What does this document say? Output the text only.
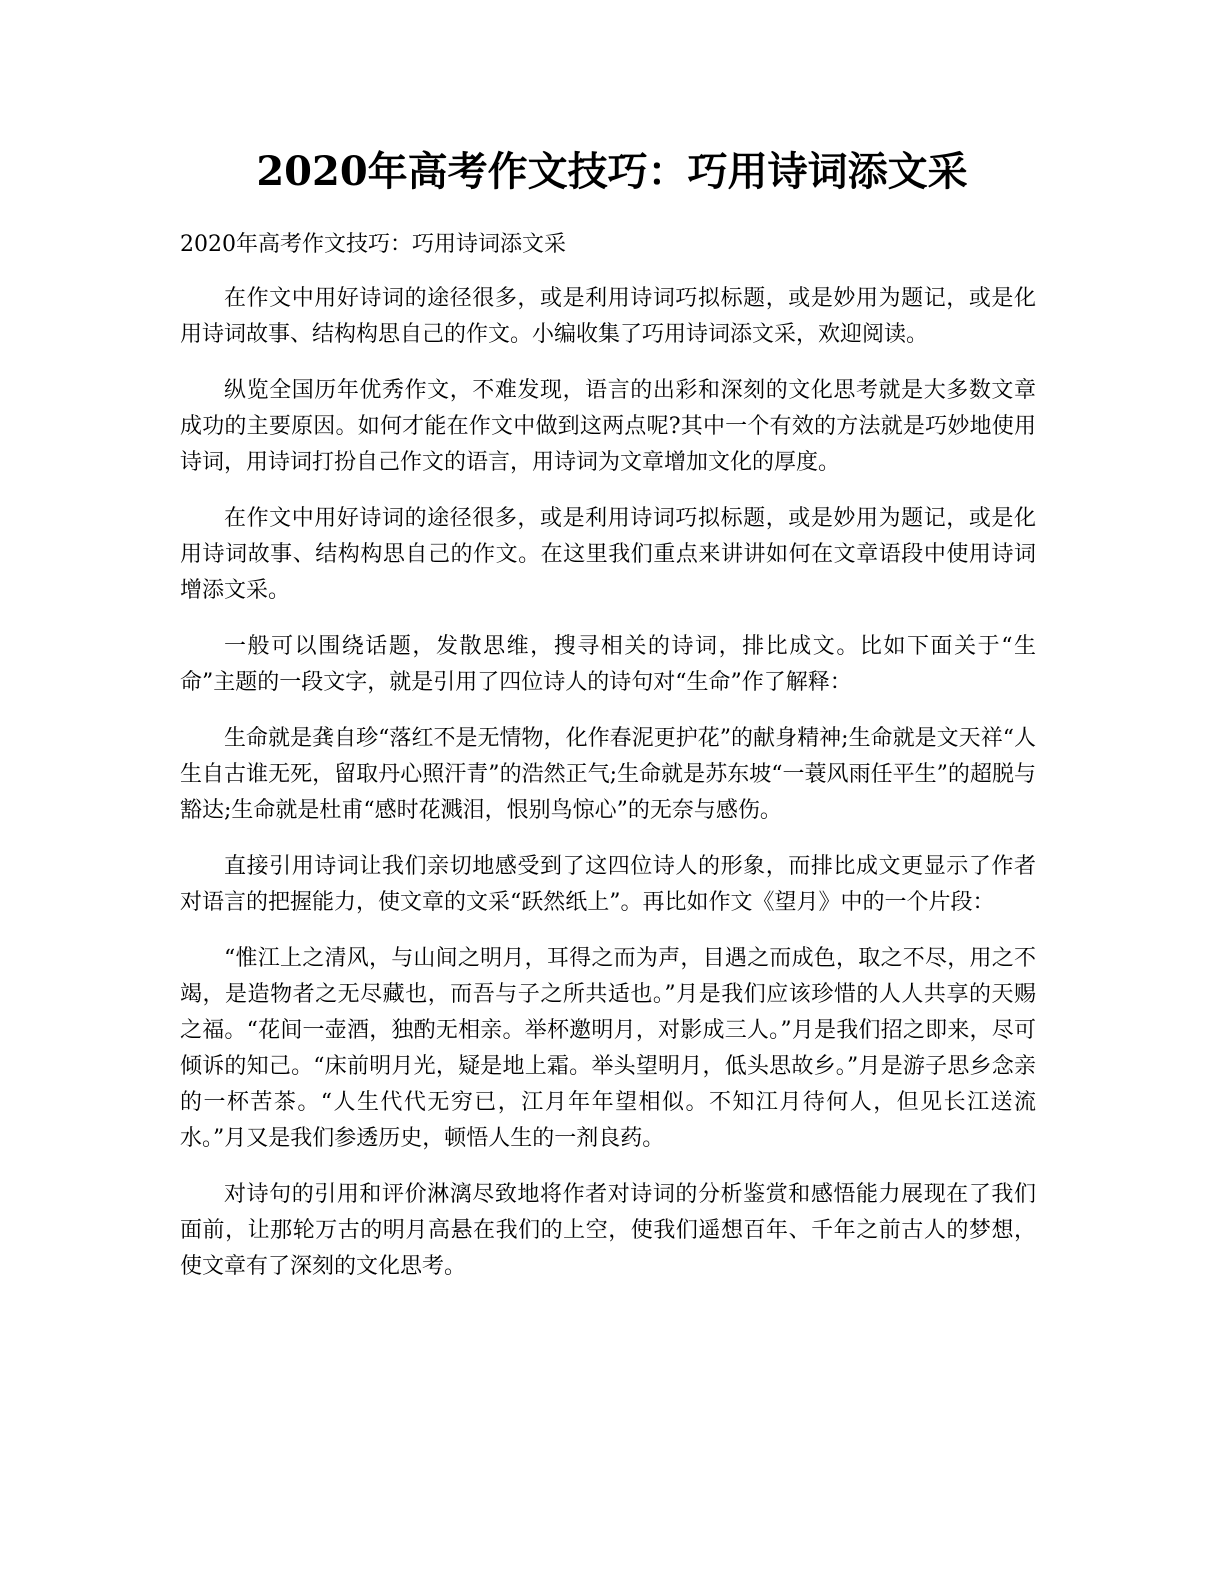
2020年高考作文技巧：巧用诗词添文采

2020年高考作文技巧：巧用诗词添文采

在作文中用好诗词的途径很多，或是利用诗词巧拟标题，或是妙用为题记，或是化用诗词故事、结构构思自己的作文。小编收集了巧用诗词添文采，欢迎阅读。

纵览全国历年优秀作文，不难发现，语言的出彩和深刻的文化思考就是大多数文章成功的主要原因。如何才能在作文中做到这两点呢?其中一个有效的方法就是巧妙地使用诗词，用诗词打扮自己作文的语言，用诗词为文章增加文化的厚度。

在作文中用好诗词的途径很多，或是利用诗词巧拟标题，或是妙用为题记，或是化用诗词故事、结构构思自己的作文。在这里我们重点来讲讲如何在文章语段中使用诗词增添文采。

一般可以围绕话题，发散思维，搜寻相关的诗词，排比成文。比如下面关于“生命”主题的一段文字，就是引用了四位诗人的诗句对“生命”作了解释：

生命就是龚自珍“落红不是无情物，化作春泥更护花”的献身精神;生命就是文天祥“人生自古谁无死，留取丹心照汗青”的浩然正气;生命就是苏东坡“一蓑风雨任平生”的超脱与豁达;生命就是杜甫“感时花溅泪，恨别鸟惊心”的无奈与感伤。

直接引用诗词让我们亲切地感受到了这四位诗人的形象，而排比成文更显示了作者对语言的把握能力，使文章的文采“跃然纸上”。再比如作文《望月》中的一个片段：

“惟江上之清风，与山间之明月，耳得之而为声，目遇之而成色，取之不尽，用之不竭，是造物者之无尽藏也，而吾与子之所共适也。”月是我们应该珍惜的人人共享的天赐之福。“花间一壶酒，独酌无相亲。举杯邀明月，对影成三人。”月是我们招之即来，尽可倾诉的知己。“床前明月光，疑是地上霜。举头望明月，低头思故乡。”月是游子思乡念亲的一杯苦茶。“人生代代无穷已，江月年年望相似。不知江月待何人，但见长江送流水。”月又是我们参透历史，顿悟人生的一剂良药。

对诗句的引用和评价淋漓尽致地将作者对诗词的分析鉴赏和感悟能力展现在了我们面前，让那轮万古的明月高悬在我们的上空，使我们遥想百年、千年之前古人的梦想，使文章有了深刻的文化思考。
